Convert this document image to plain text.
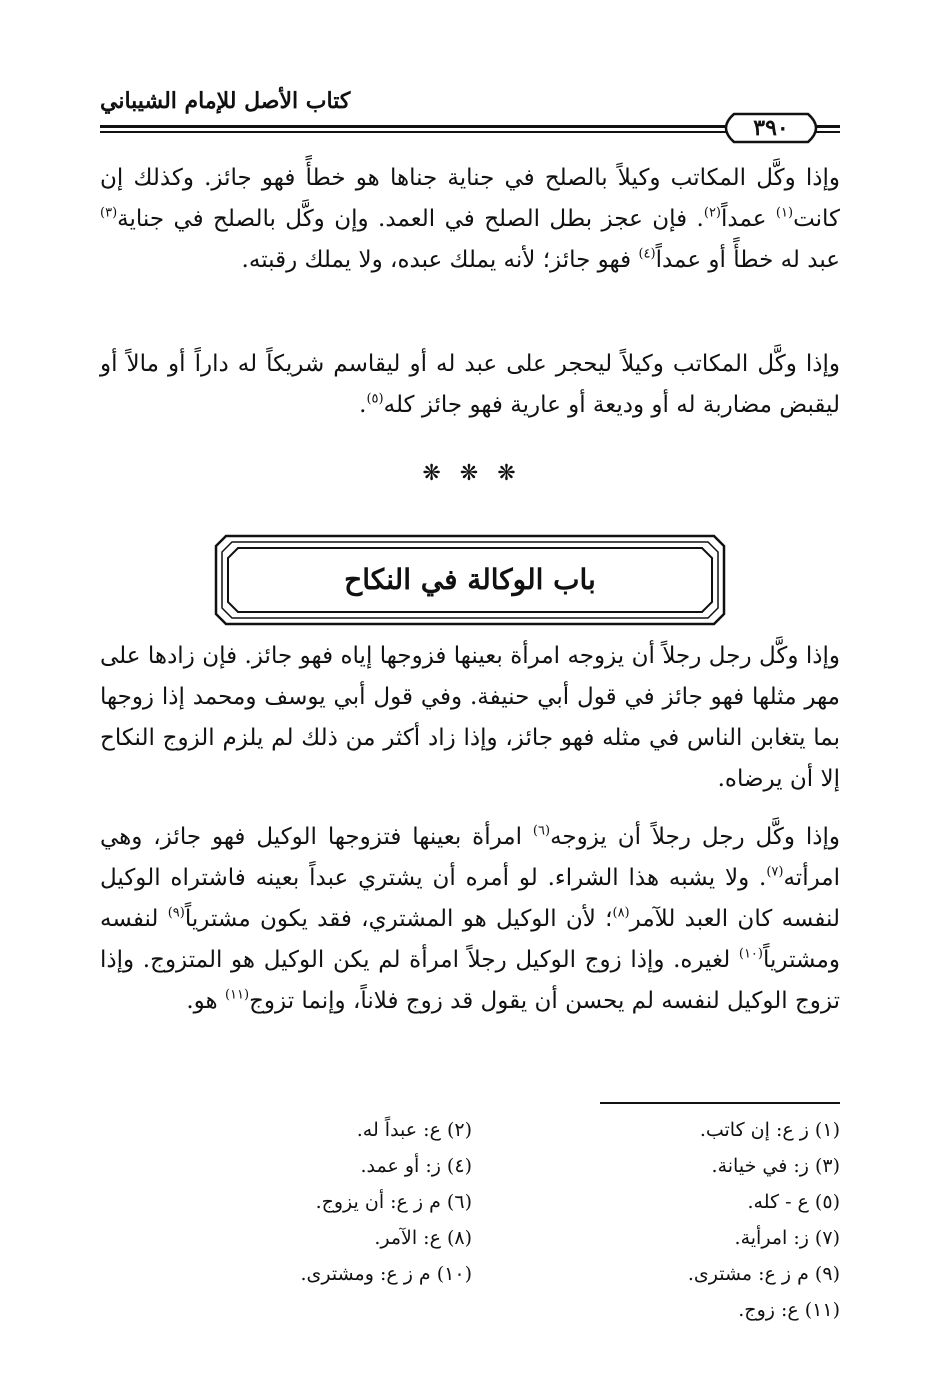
كتاب الأصل للإمام الشيباني
٣٩٠
وإذا وكَّل المكاتب وكيلاً بالصلح في جناية جناها هو خطأً فهو جائز. وكذلك إن كانت$^{(١)}$ عمداً$^{(٢)}$. فإن عجز بطل الصلح في العمد. وإن وكَّل بالصلح في جناية$^{(٣)}$ عبد له خطأً أو عمداً$^{(٤)}$ فهو جائز؛ لأنه يملك عبده، ولا يملك رقبته.
وإذا وكَّل المكاتب وكيلاً ليحجر على عبد له أو ليقاسم شريكاً له داراً أو مالاً أو ليقبض مضاربة له أو وديعة أو عارية فهو جائز كله$^{(٥)}$.
❋ ❋ ❋
باب الوكالة في النكاح
وإذا وكَّل رجل رجلاً أن يزوجه امرأة بعينها فزوجها إياه فهو جائز. فإن زادها على مهر مثلها فهو جائز في قول أبي حنيفة. وفي قول أبي يوسف ومحمد إذا زوجها بما يتغابن الناس في مثله فهو جائز، وإذا زاد أكثر من ذلك لم يلزم الزوج النكاح إلا أن يرضاه.
وإذا وكَّل رجل رجلاً أن يزوجه$^{(٦)}$ امرأة بعينها فتزوجها الوكيل فهو جائز، وهي امرأته$^{(٧)}$. ولا يشبه هذا الشراء. لو أمره أن يشتري عبداً بعينه فاشتراه الوكيل لنفسه كان العبد للآمر$^{(٨)}$؛ لأن الوكيل هو المشتري، فقد يكون مشترياً$^{(٩)}$ لنفسه ومشترياً$^{(١٠)}$ لغيره. وإذا زوج الوكيل رجلاً امرأة لم يكن الوكيل هو المتزوج. وإذا تزوج الوكيل لنفسه لم يحسن أن يقول قد زوج فلاناً، وإنما تزوج$^{(١١)}$ هو.
(١) ز ع: إن كاتب.
(٣) ز: في خيانة.
(٥) ع - كله.
(٧) ز: امرأية.
(٩) م ز ع: مشترى.
(١١) ع: زوج.
(٢) ع: عبداً له.
(٤) ز: أو عمد.
(٦) م ز ع: أن يزوج.
(٨) ع: الآمر.
(١٠) م ز ع: ومشترى.
